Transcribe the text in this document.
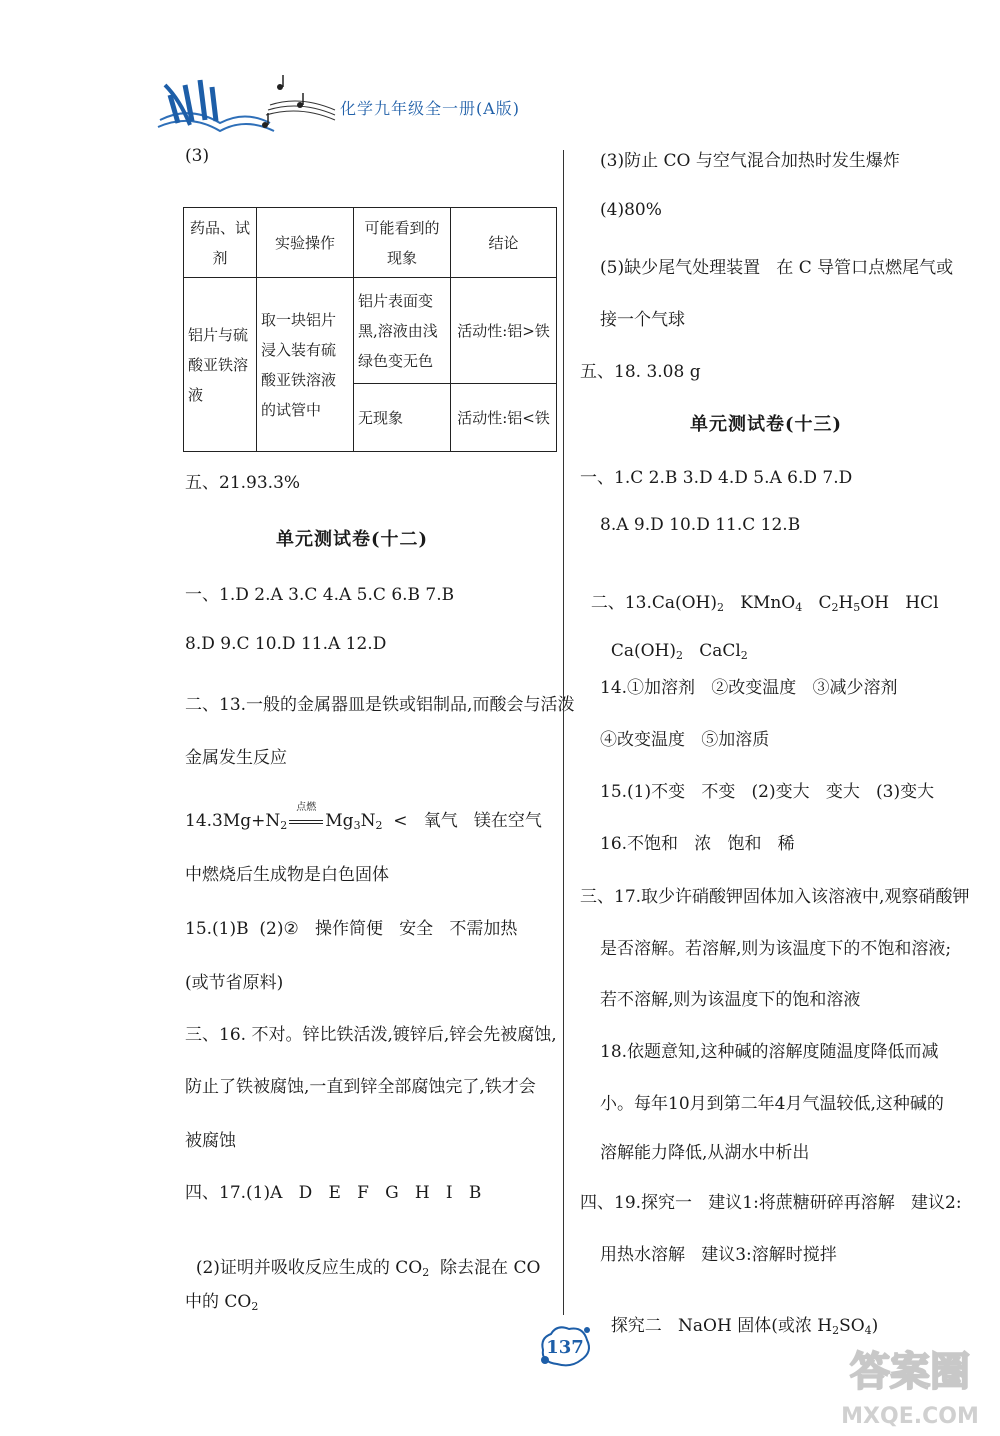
化学九年级全一册(A版)
(3)
药品、试剂	实验操作	可能看到的现象	结论
铝片与硫酸亚铁溶液	取一块铝片浸入装有硫酸亚铁溶液的试管中	铝片表面变黑,溶液由浅绿色变无色	活动性:铝>铁
		无现象	活动性:铝<铁
五、21.93.3%
单元测试卷(十二)
一、1.D 2.A 3.C 4.A 5.C 6.B 7.B
8.D 9.C 10.D 11.A 12.D
二、13.一般的金属器皿是铁或铝制品,而酸会与活泼
金属发生反应
$14.3Mg+N_2$
点燃
$Mg_3N_2$  <   氧气   镁在空气
中燃烧后生成物是白色固体
15.(1)B  (2)②   操作简便   安全   不需加热
(或节省原料)
三、16. 不对。锌比铁活泼,镀锌后,锌会先被腐蚀,
防止了铁被腐蚀,一直到锌全部腐蚀完了,铁才会
被腐蚀
四、17.(1)A   D   E   F   G   H   I   B

(2)证明并吸收反应生成的 $CO_2$  除去混在 CO

中的 $CO_2$
(3)防止 CO 与空气混合加热时发生爆炸
(4)80%
(5)缺少尾气处理装置   在 C 导管口点燃尾气或
接一个气球
五、18. 3.08 g
单元测试卷(十三)
一、1.C 2.B 3.D 4.D 5.A 6.D 7.D
8.A 9.D 10.D 11.C 12.B

二、$13.Ca(OH)_2$   KMnO$_4$   $C_2H_5OH$   HCl

$Ca(OH)_2$   CaCl$_2$

14.①加溶剂   ②改变温度   ③减少溶剂
④改变温度   ⑤加溶质
15.(1)不变   不变   (2)变大   变大   (3)变大
16.不饱和   浓   饱和   稀
三、17.取少许硝酸钾固体加入该溶液中,观察硝酸钾
是否溶解。若溶解,则为该温度下的不饱和溶液;
若不溶解,则为该温度下的饱和溶液
18.依题意知,这种碱的溶解度随温度降低而减
小。每年10月到第二年4月气温较低,这种碱的
溶解能力降低,从湖水中析出
四、19.探究一   建议1:将蔗糖研碎再溶解   建议2:
用热水溶解   建议3:溶解时搅拌

探究二   NaOH 固体(或浓 $H_2SO_4$)

137
答案圈
MXQE.COM
